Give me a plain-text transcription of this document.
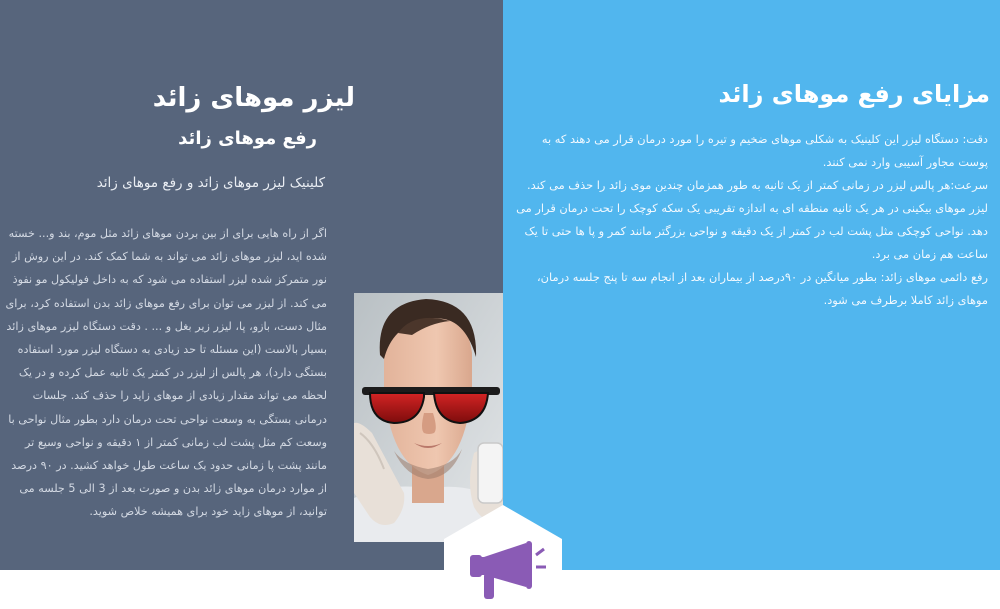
لیزر موهای زائد
رفع موهای زائد

کلینیک لیزر موهای زائد و رفع موهای زائد

اگر از راه هایی برای از بین بردن موهای زائد مثل موم، بند و... خسته شده اید، لیزر موهای زائد می تواند به شما کمک کند. در این روش از نور متمرکز شده لیزر استفاده می شود که به داخل فولیکول مو نفوذ می کند. از لیزر می توان برای رفع موهای زائد بدن استفاده کرد، برای مثال دست، بازو، پا، لیزر زیر بغل و ... . دقت دستگاه لیزر موهای زائد بسیار بالاست (این مسئله تا حد زیادی به دستگاه لیزر مورد استفاده بستگی دارد)، هر پالس از لیزر در کمتر یک ثانیه عمل کرده و در یک لحظه می تواند مقدار زیادی از موهای زاید را حذف کند. جلسات درمانی بستگی به وسعت نواحی تحت درمان دارد بطور مثال نواحی با وسعت کم مثل پشت لب زمانی کمتر از ۱ دقیقه و نواحی وسیع تر مانند پشت پا زمانی حدود یک ساعت طول خواهد کشید. در ۹۰ درصد از موارد درمان موهای زائد بدن و صورت بعد از 3 الی 5 جلسه می توانید، از موهای زاید خود برای همیشه خلاص شوید.

مزایای رفع موهای زائد
دقت: دستگاه لیزر این کلینیک به شکلی موهای ضخیم و تیره را مورد درمان قرار می دهند که به پوست مجاور آسیبی وارد نمی کنند.
سرعت:هر پالس لیزر در زمانی کمتر از یک ثانیه به طور همزمان چندین موی زائد را حذف می کند. لیزر موهای بیکینی در هر یک ثانیه منطقه ای به اندازه تقریبی یک سکه کوچک را تحت درمان قرار می دهد. نواحی کوچکی مثل پشت لب در کمتر از یک دقیقه و نواحی بزرگتر مانند کمر و پا ها حتی تا یک ساعت هم زمان می برد.
رفع دائمی موهای زائد: بطور میانگین در ۹۰درصد از بیماران بعد از انجام سه تا پنج جلسه درمان، موهای زائد کاملا برطرف می شود.
